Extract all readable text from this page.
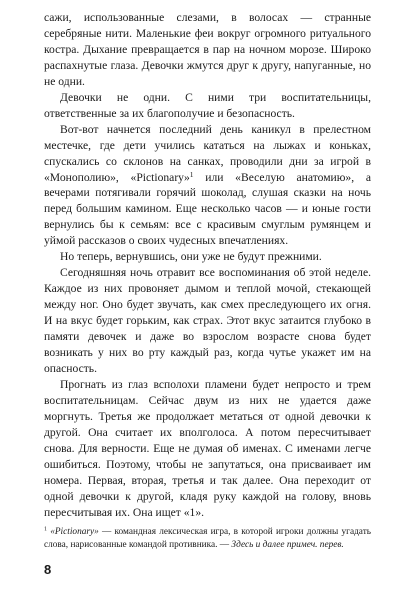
сажи, использованные слезами, в волосах — странные серебряные нити. Маленькие феи вокруг огромного ритуального костра. Дыхание превращается в пар на ночном морозе. Широко распахнутые глаза. Девочки жмутся друг к другу, напуганные, но не одни.

Девочки не одни. С ними три воспитательницы, ответственные за их благополучие и безопасность.

Вот-вот начнется последний день каникул в прелестном местечке, где дети учились кататься на лыжах и коньках, спускались со склонов на санках, проводили дни за игрой в «Монополию», «Pictionary»$^1$ или «Веселую анатомию», а вечерами потягивали горячий шоколад, слушая сказки на ночь перед большим камином. Еще несколько часов — и юные гости вернулись бы к семьям: все с красивым смуглым румянцем и уймой рассказов о своих чудесных впечатлениях.

Но теперь, вернувшись, они уже не будут прежними.

Сегодняшняя ночь отравит все воспоминания об этой неделе. Каждое из них провоняет дымом и теплой мочой, стекающей между ног. Оно будет звучать, как смех преследующего их огня. И на вкус будет горьким, как страх. Этот вкус затаится глубоко в памяти девочек и даже во взрослом возрасте снова будет возникать у них во рту каждый раз, когда чутье укажет им на опасность.

Прогнать из глаз всполохи пламени будет непросто и трем воспитательницам. Сейчас двум из них не удается даже моргнуть. Третья же продолжает метаться от одной девочки к другой. Она считает их вполголоса. А потом пересчитывает снова. Для верности. Еще не думая об именах. С именами легче ошибиться. Поэтому, чтобы не запутаться, она присваивает им номера. Первая, вторая, третья и так далее. Она переходит от одной девочки к другой, кладя руку каждой на голову, вновь пересчитывая их. Она ищет «1».

$^1$ «Pictionary» — командная лексическая игра, в которой игроки должны угадать слова, нарисованные командой противника. — Здесь и далее примеч. перев.
8
